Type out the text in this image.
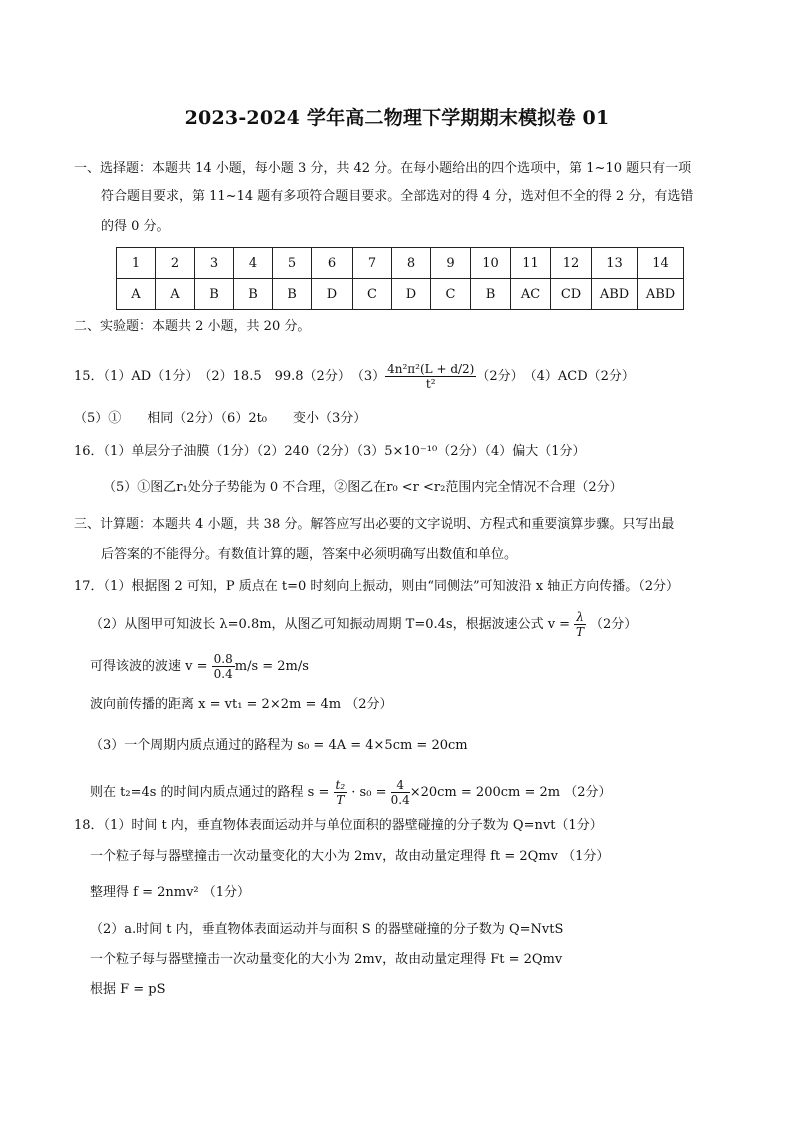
2023-2024 学年高二物理下学期期末模拟卷 01
一、选择题：本题共 14 小题，每小题 3 分，共 42 分。在每小题给出的四个选项中，第 1~10 题只有一项
符合题目要求，第 11~14 题有多项符合题目要求。全部选对的得 4 分，选对但不全的得 2 分，有选错
的得 0 分。
1	2	3	4	5	6	7	8	9	10	11	12	13	14
A	A	B	B	B	D	C	D	C	B	AC	CD	ABD	ABD
二、实验题：本题共 2 小题，共 20 分。
15．（1）AD（1分）　（2）18.5　99.8（2分）　$(3) \frac{\text{4n²π²(L + d/2)}}{\text{t²}} (2$分）　（4）ACD（2分）
（5）①　　相同（2分）（6）2t₀　　变小（3分）
16．（1）单层分子油膜（1分）（2）240（2分）（3）5×10⁻¹⁰（2分）（4）偏大（1分）
（5）①图乙r₁处分子势能为 0 不合理，②图乙在r₀ <r <r₂范围内完全情况不合理（2分）
三、计算题：本题共 4 小题，共 38 分。解答应写出必要的文字说明、方程式和重要演算步骤。只写出最
后答案的不能得分。有数值计算的题，答案中必须明确写出数值和单位。
17．（1）根据图 2 可知，P 质点在 t=0 时刻向上振动，则由“同侧法”可知波沿 x 轴正方向传播。（2分）
（2）从图甲可知波长 λ=0.8m，从图乙可知振动周期 T=0.4s，根据波速公式 $v = \frac{\lambda}{T} (2$分）
可得该波的波速 $v = \frac{0.8}{0.4} m/s = 2m/s$
波向前传播的距离 x = vt₁ = 2×2m = 4m （2分）
（3）一个周期内质点通过的路程为 s₀ = 4A = 4×5cm = 20cm
则在 t₂=4s 的时间内质点通过的路程 $s = \frac{\text{t₂}}{T} \cdot s_0 = \frac{4}{0.4} \times 20cm = 200cm = 2m$ （2分）
18．（1）时间 t 内，垂直物体表面运动并与单位面积的器壁碰撞的分子数为 Q=nvt（1分）
一个粒子每与器壁撞击一次动量变化的大小为 2mv，故由动量定理得 ft = 2Qmv （1分）
整理得 f = 2nmv² （1分）
（2）a.时间 t 内，垂直物体表面运动并与面积 S 的器壁碰撞的分子数为 Q=NvtS
一个粒子每与器壁撞击一次动量变化的大小为 2mv，故由动量定理得 Ft = 2Qmv
根据 F = pS
